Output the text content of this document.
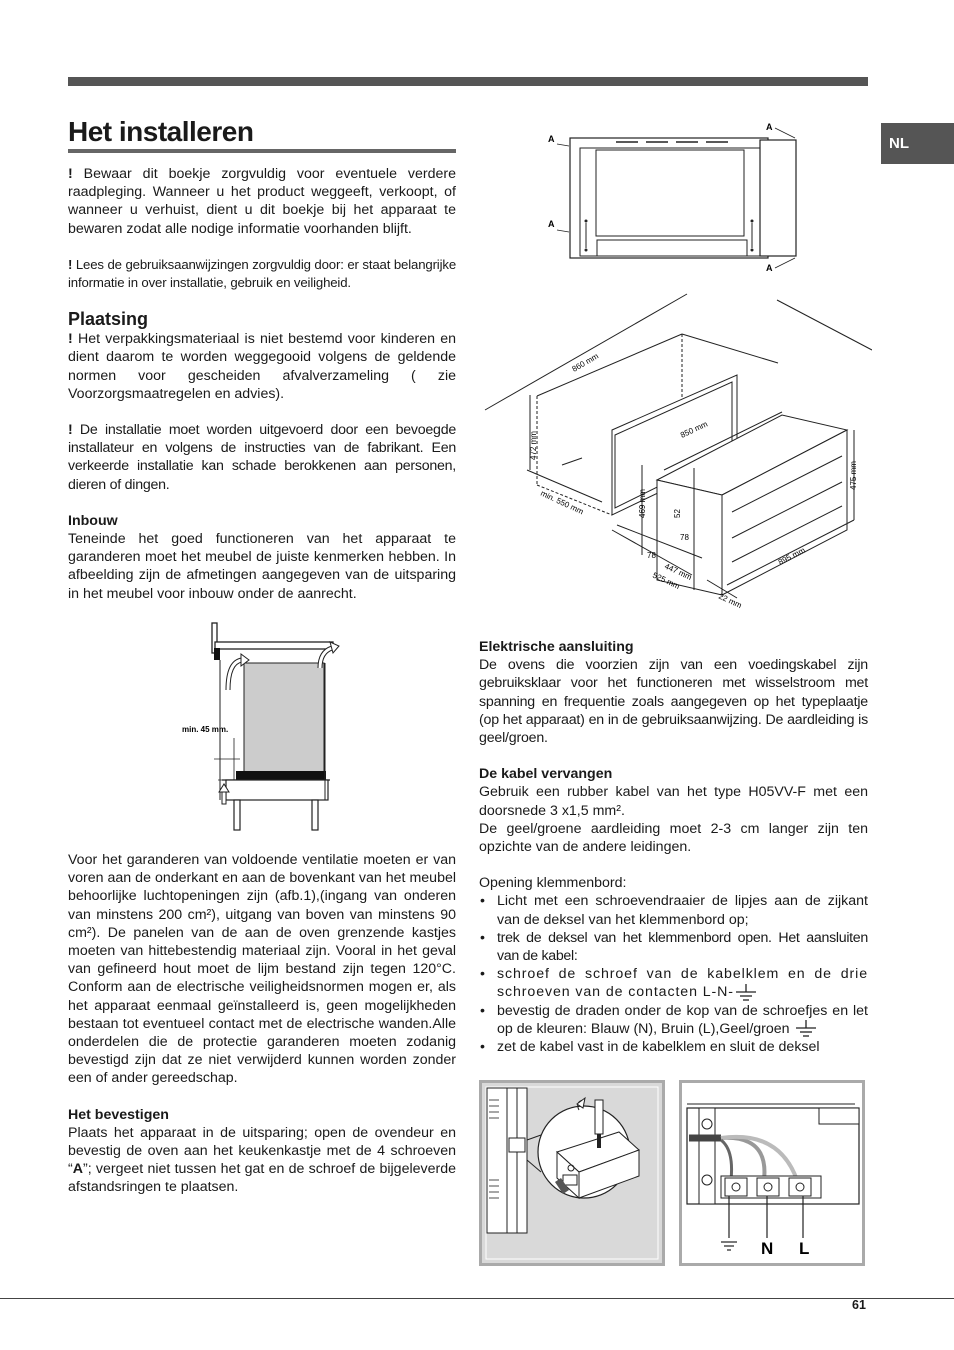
NL
Het installeren

! Bewaar dit boekje zorgvuldig voor eventuele verdere raadpleging. Wanneer u het product weggeeft, verkoopt, of wanneer u verhuist, dient u dit boekje bij het apparaat te bewaren zodat alle nodige informatie voorhanden blijft.

! Lees de gebruiksaanwijzingen zorgvuldig door: er staat belangrijke informatie in over installatie, gebruik en veiligheid.

Plaatsing

! Het verpakkingsmateriaal is niet bestemd voor kinderen en dient daarom te worden weggegooid volgens de geldende normen voor gescheiden afvalverzameling ( zie Voorzorgsmaatregelen en advies).

! De installatie moet worden uitgevoerd door een bevoegde installateur en volgens de instructies van de fabrikant. Een verkeerde installatie kan schade berokkenen aan personen, dieren of dingen.

Inbouw

Teneinde het goed functioneren van het apparaat te garanderen moet het meubel de juiste kenmerken hebben. In afbeelding zijn de afmetingen aangegeven van de uitsparing in het meubel voor inbouw onder de aanrecht.

min. 45 mm.

Voor het garanderen van voldoende ventilatie moeten er van voren aan de onderkant en aan de bovenkant van het meubel behoorlijke luchtopeningen zijn (afb.1),(ingang van onderen van minstens 200 cm²), uitgang van boven van minstens 90 cm²). De panelen van de aan de oven grenzende kastjes moeten van hittebestendig materiaal zijn. Vooral in het geval van gefineerd hout moet de lijm bestand zijn tegen 120°C. Conform aan de electrische veiligheidsnormen mogen er, als het apparaat eenmaal geïnstalleerd is, geen mogelijkheden bestaan tot eventueel contact met de electrische wanden.Alle onderdelen die de protectie garanderen moeten zodanig bevestigd zijn dat ze niet verwijderd kunnen worden zonder een of ander gereedschap.

Het bevestigen

Plaats het apparaat in de uitsparing; open de ovendeur en bevestig de oven aan het keukenkastje met de 4 schroeven “A”; vergeet niet tussen het gat en de schroef de bijgeleverde afstandsringen te plaatsen.

A
A
A
A
860 mm
472 mm	850 mm
min. 550 mm	469 mm
52
78
78
447 mm
525 mm
475 mm
895 mm
22 mm

Elektrische aansluiting

De ovens die voorzien zijn van een voedingskabel zijn gebruiksklaar voor het functioneren met wisselstroom met spanning en frequentie zoals aangegeven op het typeplaatje (op het apparaat) en in de gebruiksaanwijzing. De aardleiding is geel/groen.

De kabel vervangen

Gebruik een rubber kabel van het type H05VV-F met een doorsnede 3 x1,5 mm².

De geel/groene aardleiding moet 2-3 cm langer zijn ten opzichte van de andere leidingen.

Opening klemmenbord:

• Licht met een schroevendraaier de lipjes aan de zijkant van de deksel van het klemmenbord op;
• trek de deksel van het klemmenbord open. Het aansluiten van de kabel:
• schroef de schroef van de kabelklem en de drie schroeven van de contacten L-N-
• bevestig de draden onder de kop van de schroefjes en let op de kleuren: Blauw (N), Bruin (L),Geel/groen
• zet de kabel vast in de kabelklem en sluit de deksel
N L
61
